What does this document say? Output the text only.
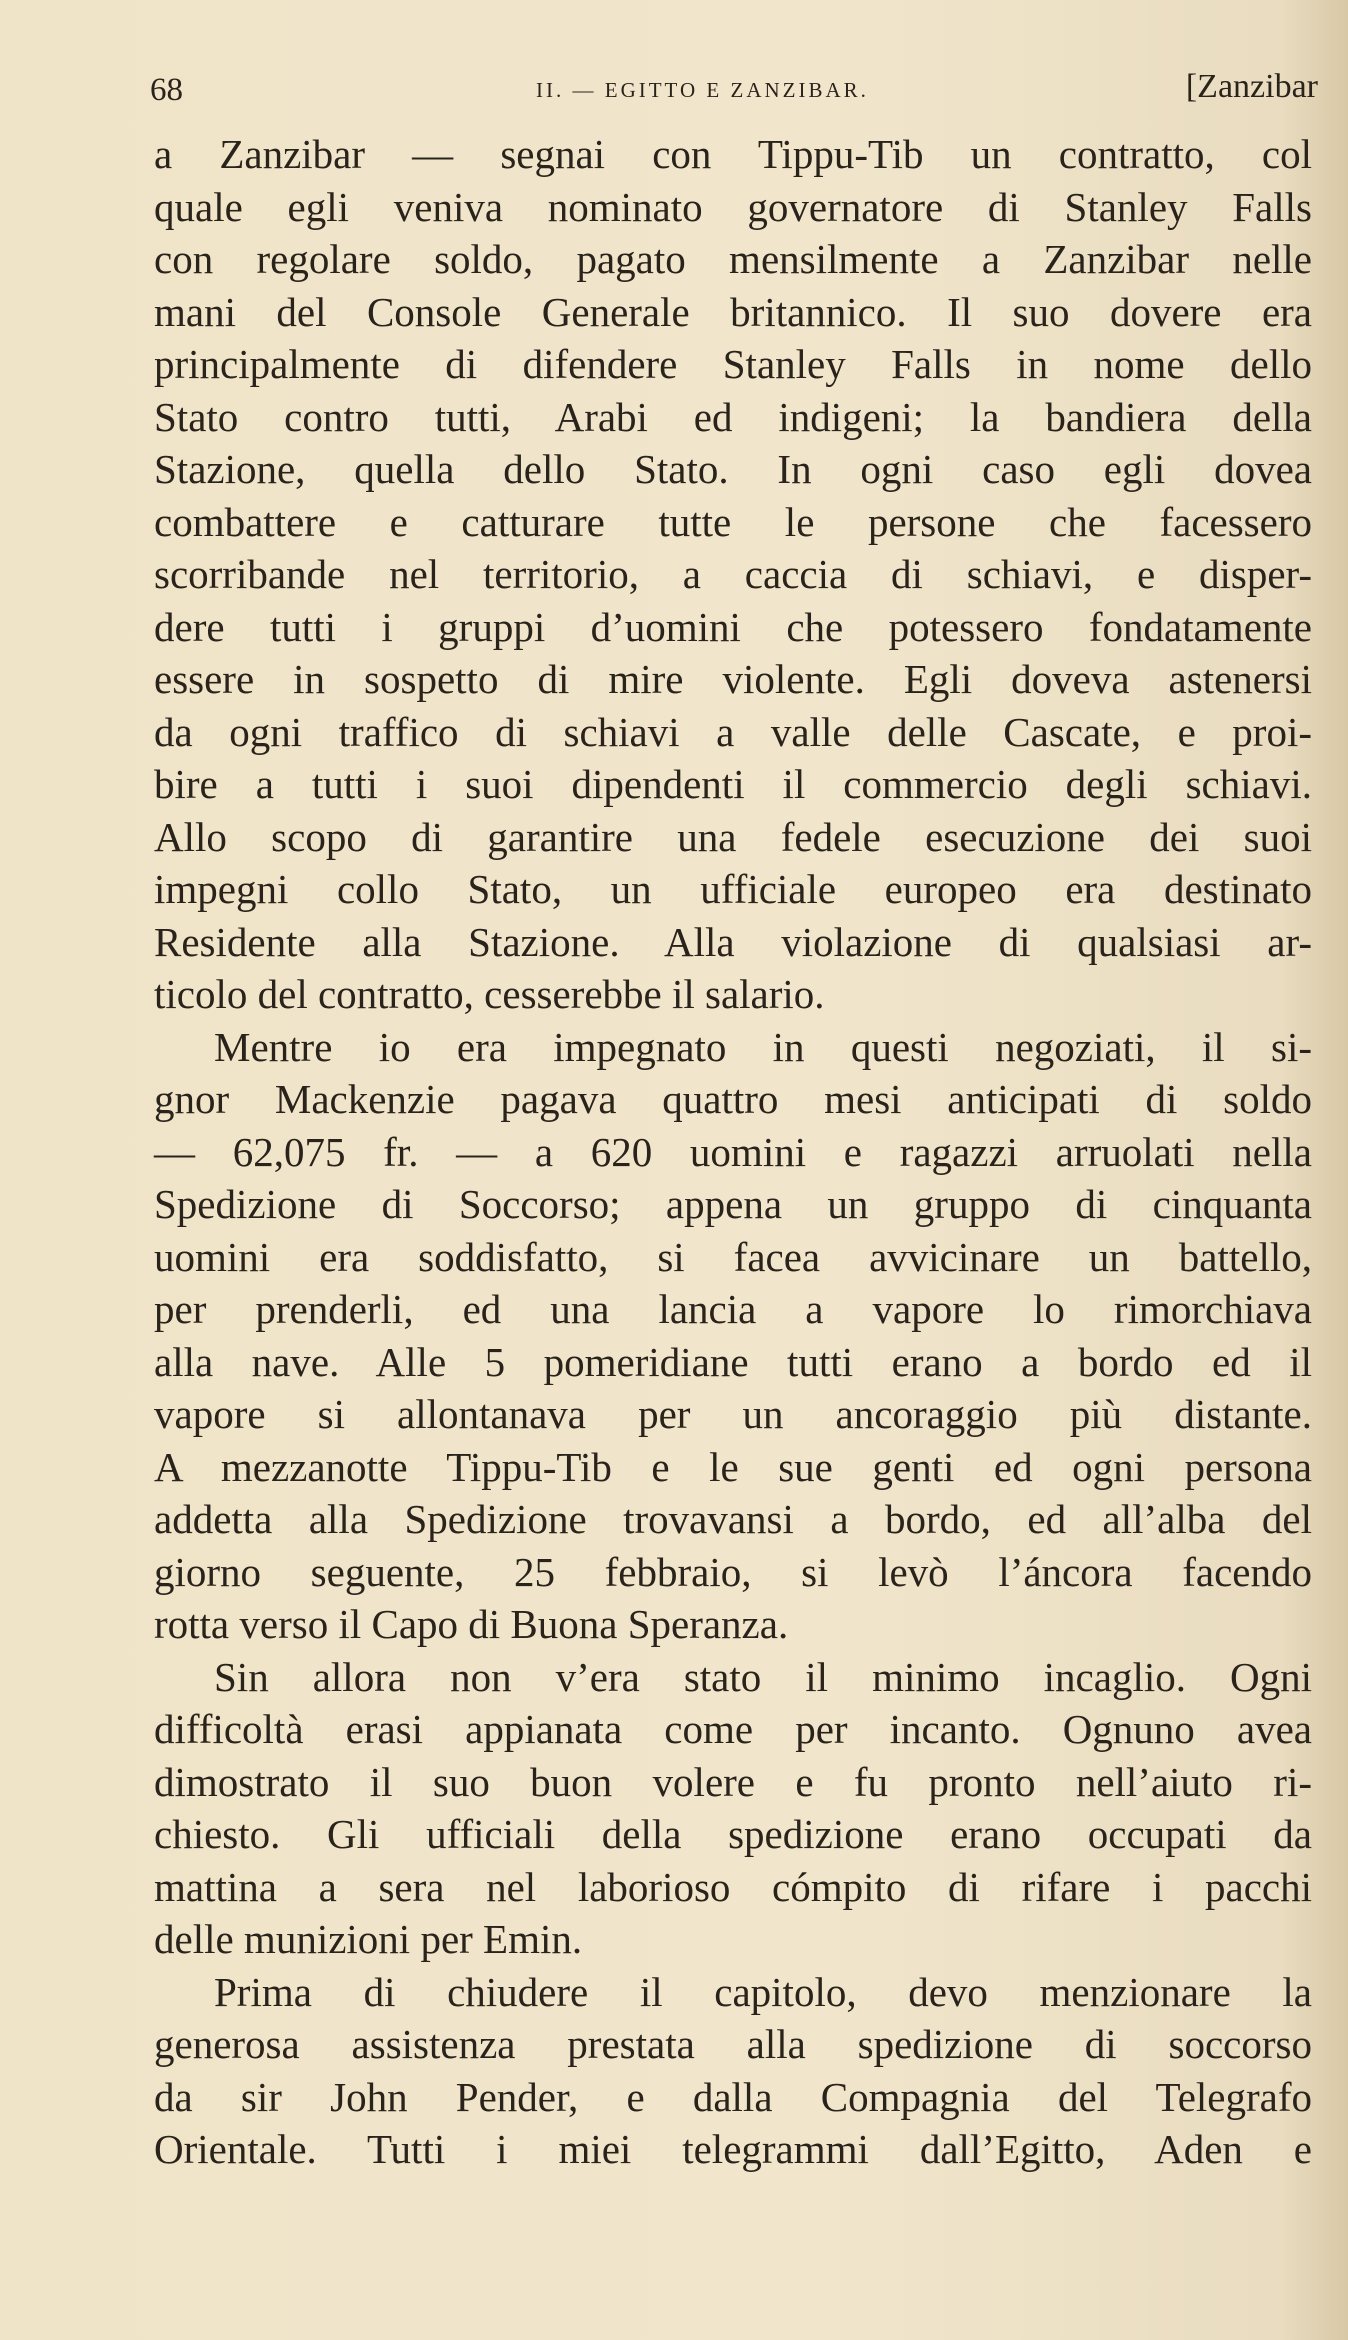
68	II. — EGITTO E ZANZIBAR.	[Zanzibar
a Zanzibar — segnai con Tippu-Tib un contratto, col
quale egli veniva nominato governatore di Stanley Falls
con regolare soldo, pagato mensilmente a Zanzibar nelle
mani del Console Generale britannico. Il suo dovere era
principalmente di difendere Stanley Falls in nome dello
Stato contro tutti, Arabi ed indigeni; la bandiera della
Stazione, quella dello Stato. In ogni caso egli dovea
combattere e catturare tutte le persone che facessero
scorribande nel territorio, a caccia di schiavi, e disper-
dere tutti i gruppi d’uomini che potessero fondatamente
essere in sospetto di mire violente. Egli doveva astenersi
da ogni traffico di schiavi a valle delle Cascate, e proi-
bire a tutti i suoi dipendenti il commercio degli schiavi.
Allo scopo di garantire una fedele esecuzione dei suoi
impegni collo Stato, un ufficiale europeo era destinato
Residente alla Stazione. Alla violazione di qualsiasi ar-
ticolo del contratto, cesserebbe il salario.
Mentre io era impegnato in questi negoziati, il si-
gnor Mackenzie pagava quattro mesi anticipati di soldo
— 62,075 fr. — a 620 uomini e ragazzi arruolati nella
Spedizione di Soccorso; appena un gruppo di cinquanta
uomini era soddisfatto, si facea avvicinare un battello,
per prenderli, ed una lancia a vapore lo rimorchiava
alla nave. Alle 5 pomeridiane tutti erano a bordo ed il
vapore si allontanava per un ancoraggio più distante.
A mezzanotte Tippu-Tib e le sue genti ed ogni persona
addetta alla Spedizione trovavansi a bordo, ed all’alba del
giorno seguente, 25 febbraio, si levò l’áncora facendo
rotta verso il Capo di Buona Speranza.
Sin allora non v’era stato il minimo incaglio. Ogni
difficoltà erasi appianata come per incanto. Ognuno avea
dimostrato il suo buon volere e fu pronto nell’aiuto ri-
chiesto. Gli ufficiali della spedizione erano occupati da
mattina a sera nel laborioso cómpito di rifare i pacchi
delle munizioni per Emin.
Prima di chiudere il capitolo, devo menzionare la
generosa assistenza prestata alla spedizione di soccorso
da sir John Pender, e dalla Compagnia del Telegrafo
Orientale. Tutti i miei telegrammi dall’Egitto, Aden e
